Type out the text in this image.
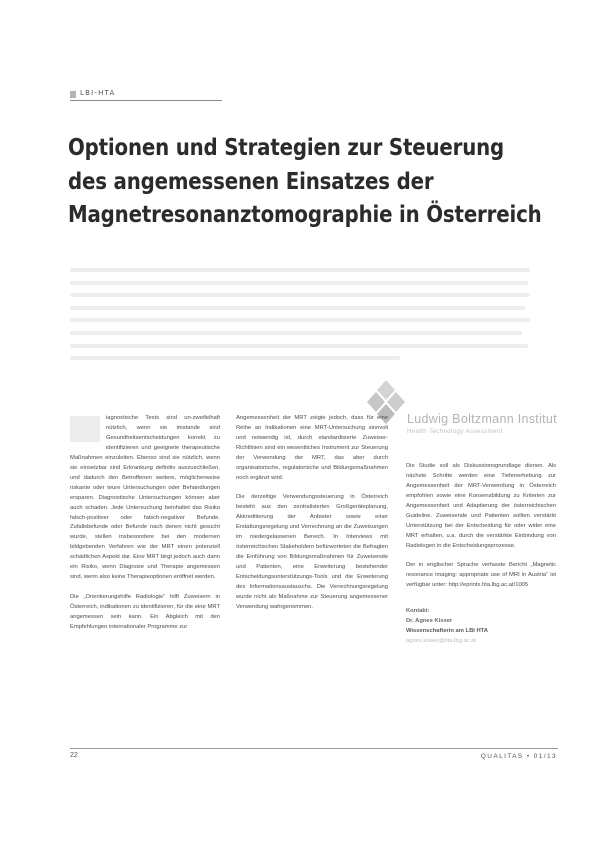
LBI-HTA
Optionen und Strategien zur Steuerung
des angemessenen Einsatzes der
Magnetresonanztomographie in Österreich
Ludwig Boltzmann Institut
Health Technology Assessment

iagnostische Tests sind un-zweifelhaft nützlich, wenn sie imstande sind Gesundheitsentscheidungen korrekt zu identifizieren und geeignete therapeutische Maßnahmen einzuleiten. Ebenso sind sie nützlich, wenn sie einsetzbar sind Erkrankung definitiv auszuschließen, und dadurch den Betroffenen weitere, möglicherweise riskante oder teure Untersuchungen oder Behandlungen ersparen. Diagnostische Untersuchungen können aber auch schaden. Jede Untersuchung beinhaltet das Risiko falsch-positiver oder falsch-negativer Befunde. Zufallsbefunde oder Befunde nach denen nicht gesucht wurde, stellen insbesondere bei den modernen bildgebenden Verfahren wie der MRT einen potenziell schädlichen Aspekt dar. Eine MRT birgt jedoch auch dann ein Risiko, wenn Diagnose und Therapie angemessen sind, wenn also keine Therapieoptionen eröffnet werden.

Die „Orientierungshilfe Radiologie“ hilft Zuweisern in Österreich, indikationen zu identifizieren, für die eine MRT angemessen sein kann. Ein Abgleich mit den Empfehlungen internationaler Programme zur

Angemessenheit der MRT zeigte jedoch, dass für eine Reihe an Indikationen eine MRT-Untersuchung sinnvoll und notwendig ist, durch standardisierte Zuweiser-Richtlinien sind ein wesentliches Instrument zur Steuerung der Verwendung der MRT, das aber durch organisatorische, regulatorische und Bildungsmaßnahmen noch ergänzt wird.

Die derzeitige Verwendungssteuerung in Österreich besteht aus den zentralisierten Großgeräteplanung, Akkreditierung der Anbieter sowie einer Erstattungsregelung und Verrechnung an die Zuweisungen im niedergelassenen Bereich. In Interviews mit österreichischen Stakeholdern befürworteten die Befragten die Einführung von Bildungsmaßnahmen für Zuweisende und Patienten, eine Erweiterung bestehender Entscheidungsunterstützungs-Tools und die Erweiterung des Informationsaustauschs. Die Verrechnungsregelung wurde nicht als Maßnahme zur Steuerung angemessener Verwendung wahrgenommen.

Die Studie soll als Diskussionsgrundlage dienen. Als nächste Schritte werden eine Tiefenerhebung zur Angemessenheit der MRT-Verwendung in Österreich empfohlen sowie eine Konsensbildung zu Kriterien zur Angemessenheit und Adaptierung der österreichischen Guideline. Zuweisende und Patienten sollten verstärkt Unterstützung bei der Entscheidung für oder wider eine MRT erhalten, u.a. durch die verstärkte Einbindung von Radiologen in die Entscheidungsprozesse.

Der in englischer Sprache verfasste Bericht „Magnetic resonance imaging: appropriate use of MRI in Austria“ ist verfügbar unter: http://eprints.hta.lbg.ac.at/1005

Kontakt:
Dr. Agnes Kisser
Wissenschafterin am LBI HTA
agnes.kisser@hta.lbg.ac.at
22	QUALITAS • 01/13
